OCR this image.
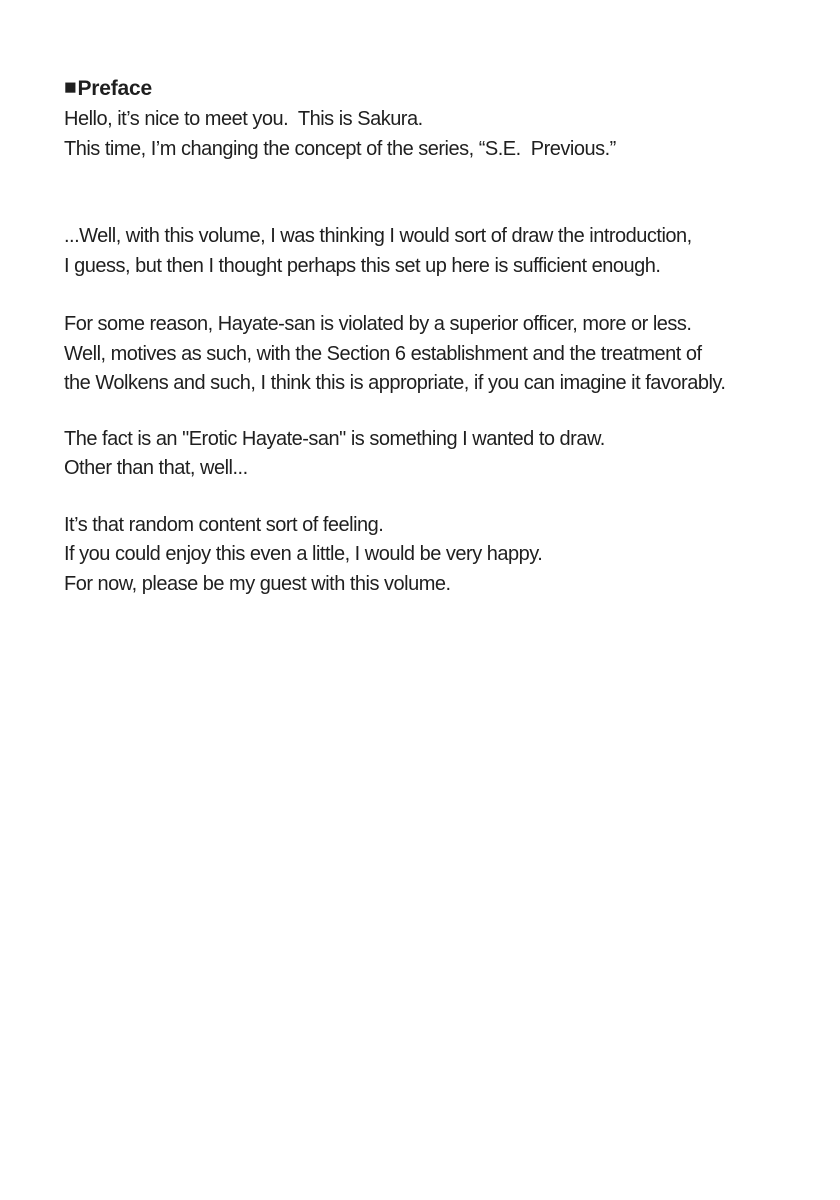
■Preface
Hello, it’s nice to meet you.  This is Sakura.
This time, I’m changing the concept of the series, “S.E.  Previous.”
...Well, with this volume, I was thinking I would sort of draw the introduction,
I guess, but then I thought perhaps this set up here is sufficient enough.
For some reason, Hayate-san is violated by a superior officer, more or less.
Well, motives as such, with the Section 6 establishment and the treatment of
the Wolkens and such, I think this is appropriate, if you can imagine it favorably.
The fact is an "Erotic Hayate-san" is something I wanted to draw.
Other than that, well...
It’s that random content sort of feeling.
If you could enjoy this even a little, I would be very happy.
For now, please be my guest with this volume.
